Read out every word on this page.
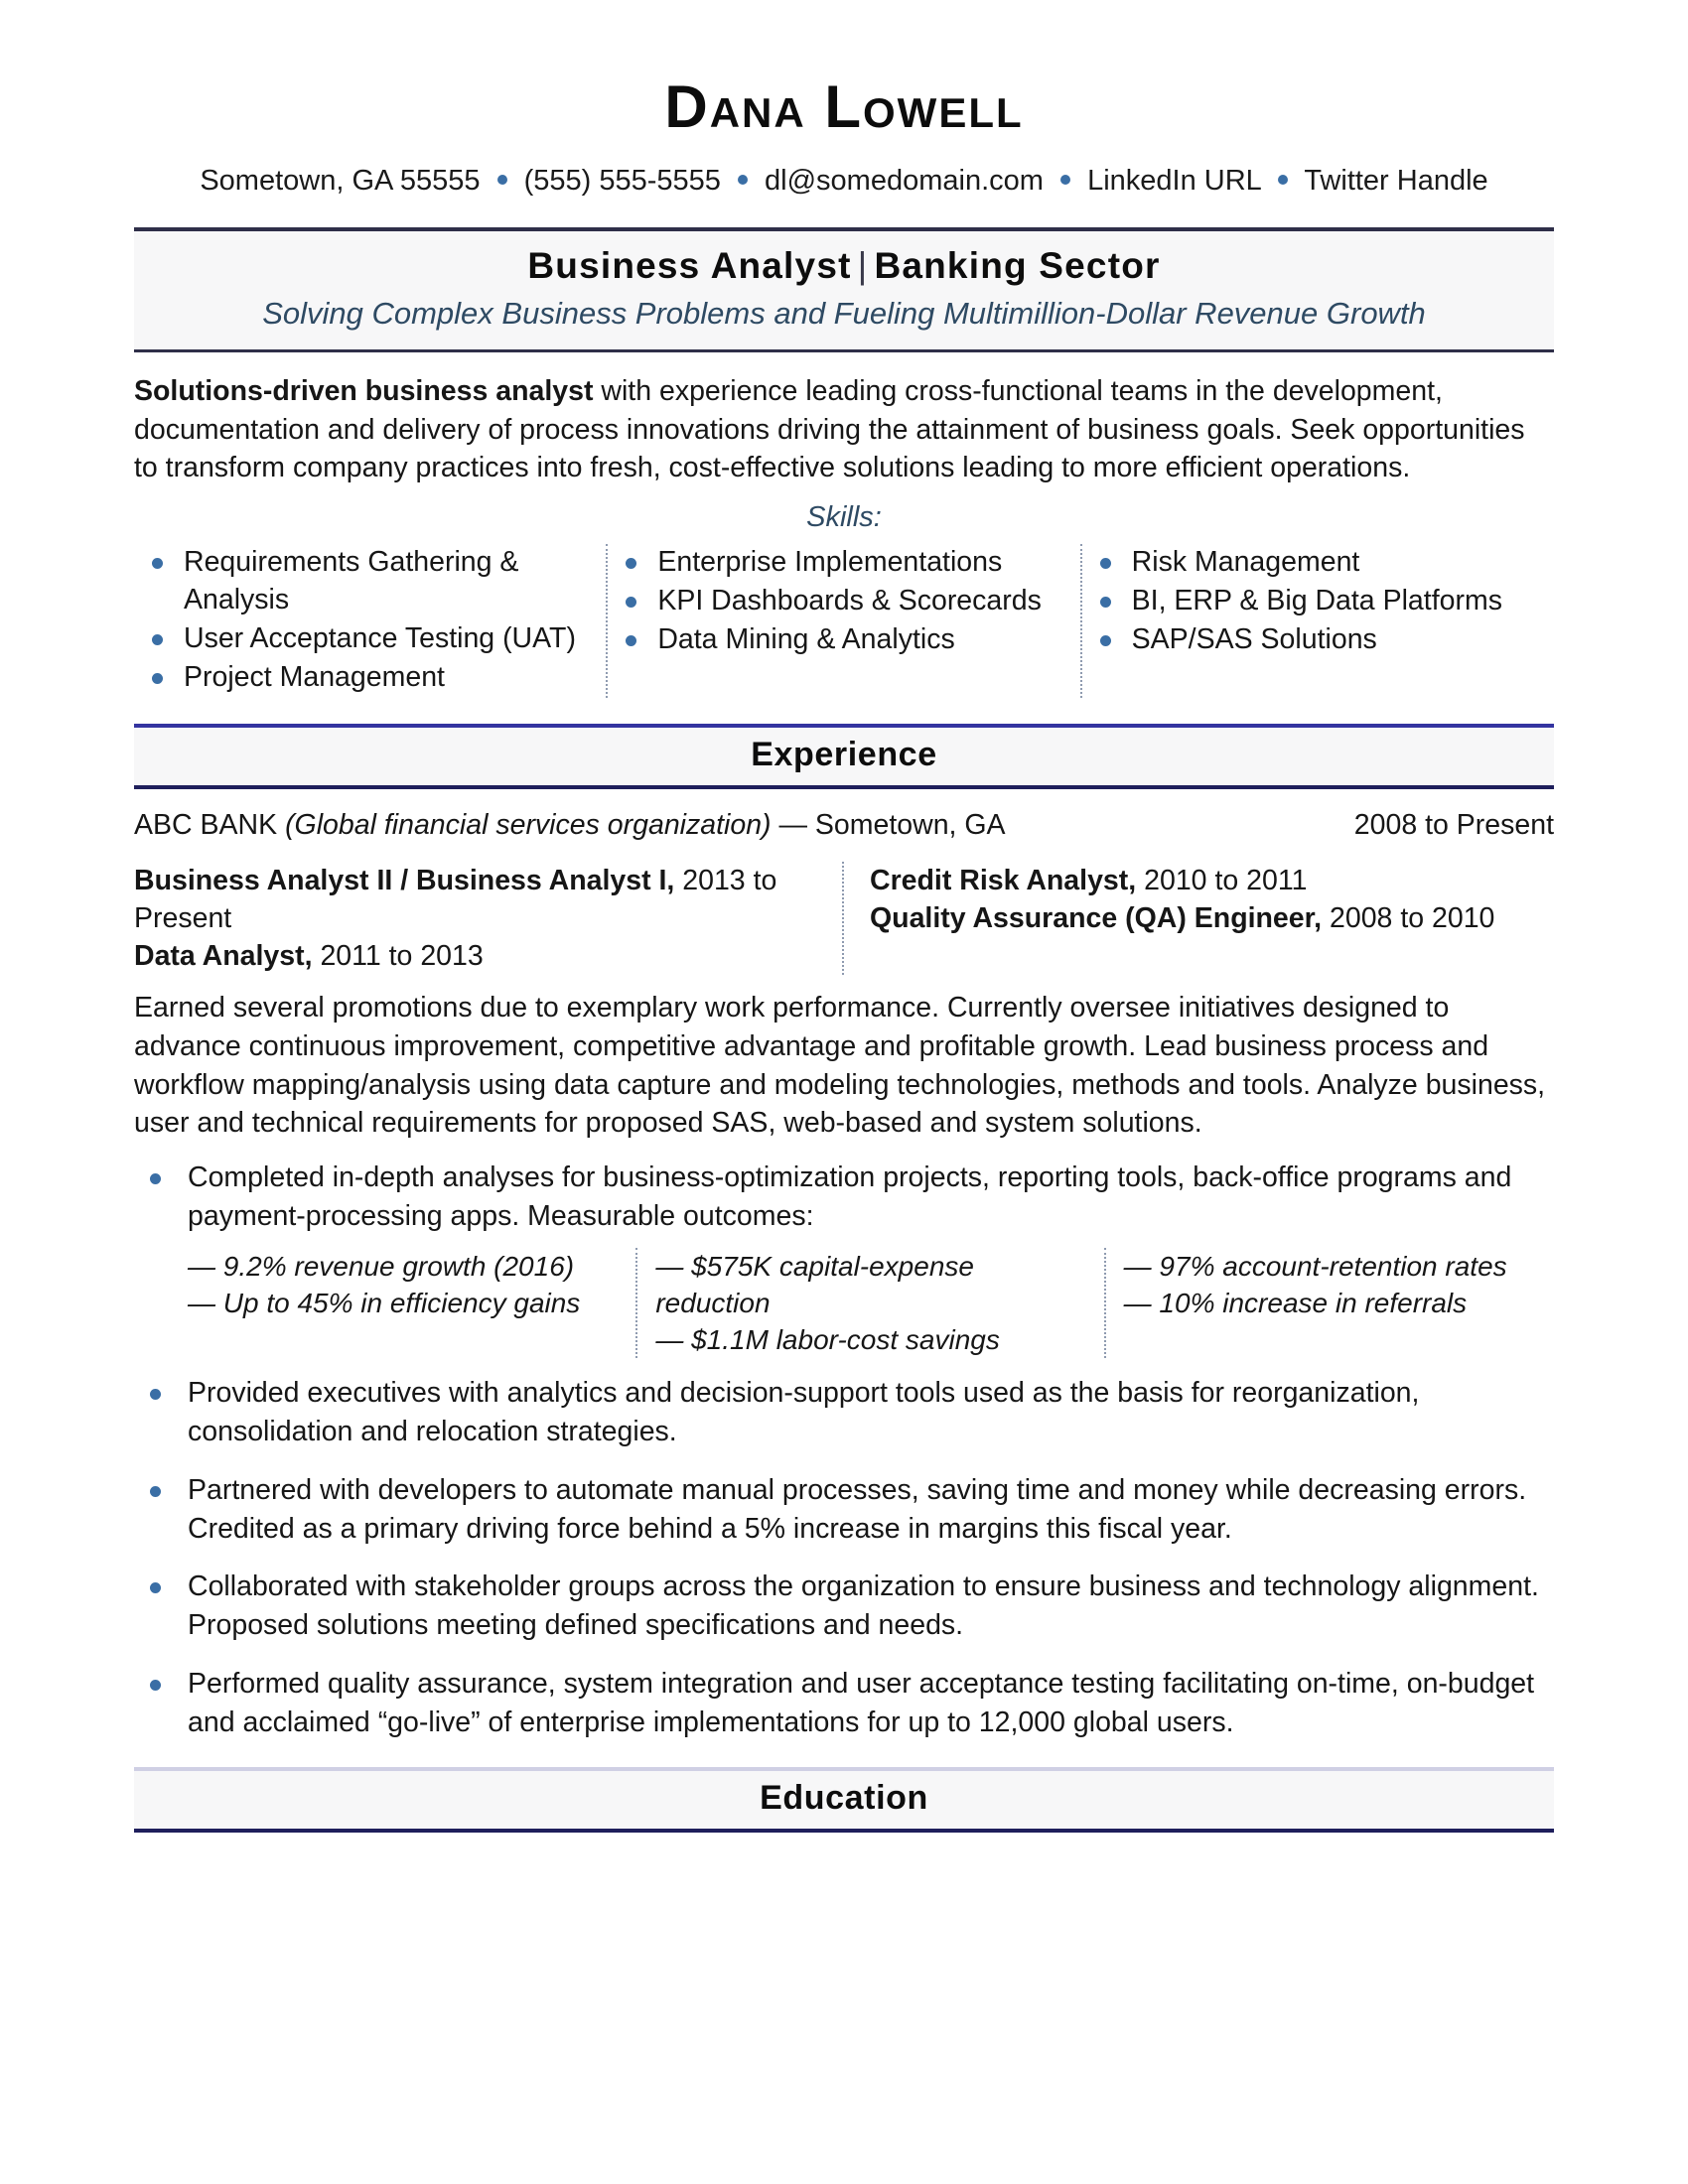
Dana Lowell
Sometown, GA 55555 (555) 555-5555 dl@somedomain.com LinkedIn URL Twitter Handle
Business Analyst | Banking Sector
Solving Complex Business Problems and Fueling Multimillion-Dollar Revenue Growth
Solutions-driven business analyst with experience leading cross-functional teams in the development, documentation and delivery of process innovations driving the attainment of business goals. Seek opportunities to transform company practices into fresh, cost-effective solutions leading to more efficient operations.
Skills:
Requirements Gathering & Analysis
User Acceptance Testing (UAT)
Project Management
Enterprise Implementations
KPI Dashboards & Scorecards
Data Mining & Analytics
Risk Management
BI, ERP & Big Data Platforms
SAP/SAS Solutions
Experience
ABC BANK (Global financial services organization) — Sometown, GA	2008 to Present
Business Analyst II / Business Analyst I, 2013 to Present
Data Analyst, 2011 to 2013
Credit Risk Analyst, 2010 to 2011
Quality Assurance (QA) Engineer, 2008 to 2010
Earned several promotions due to exemplary work performance. Currently oversee initiatives designed to advance continuous improvement, competitive advantage and profitable growth. Lead business process and workflow mapping/analysis using data capture and modeling technologies, methods and tools. Analyze business, user and technical requirements for proposed SAS, web-based and system solutions.
Completed in-depth analyses for business-optimization projects, reporting tools, back-office programs and payment-processing apps. Measurable outcomes:
— 9.2% revenue growth (2016)
— Up to 45% in efficiency gains
— $575K capital-expense reduction
— $1.1M labor-cost savings
— 97% account-retention rates
— 10% increase in referrals
Provided executives with analytics and decision-support tools used as the basis for reorganization, consolidation and relocation strategies.
Partnered with developers to automate manual processes, saving time and money while decreasing errors. Credited as a primary driving force behind a 5% increase in margins this fiscal year.
Collaborated with stakeholder groups across the organization to ensure business and technology alignment. Proposed solutions meeting defined specifications and needs.
Performed quality assurance, system integration and user acceptance testing facilitating on-time, on-budget and acclaimed “go-live” of enterprise implementations for up to 12,000 global users.
Education
